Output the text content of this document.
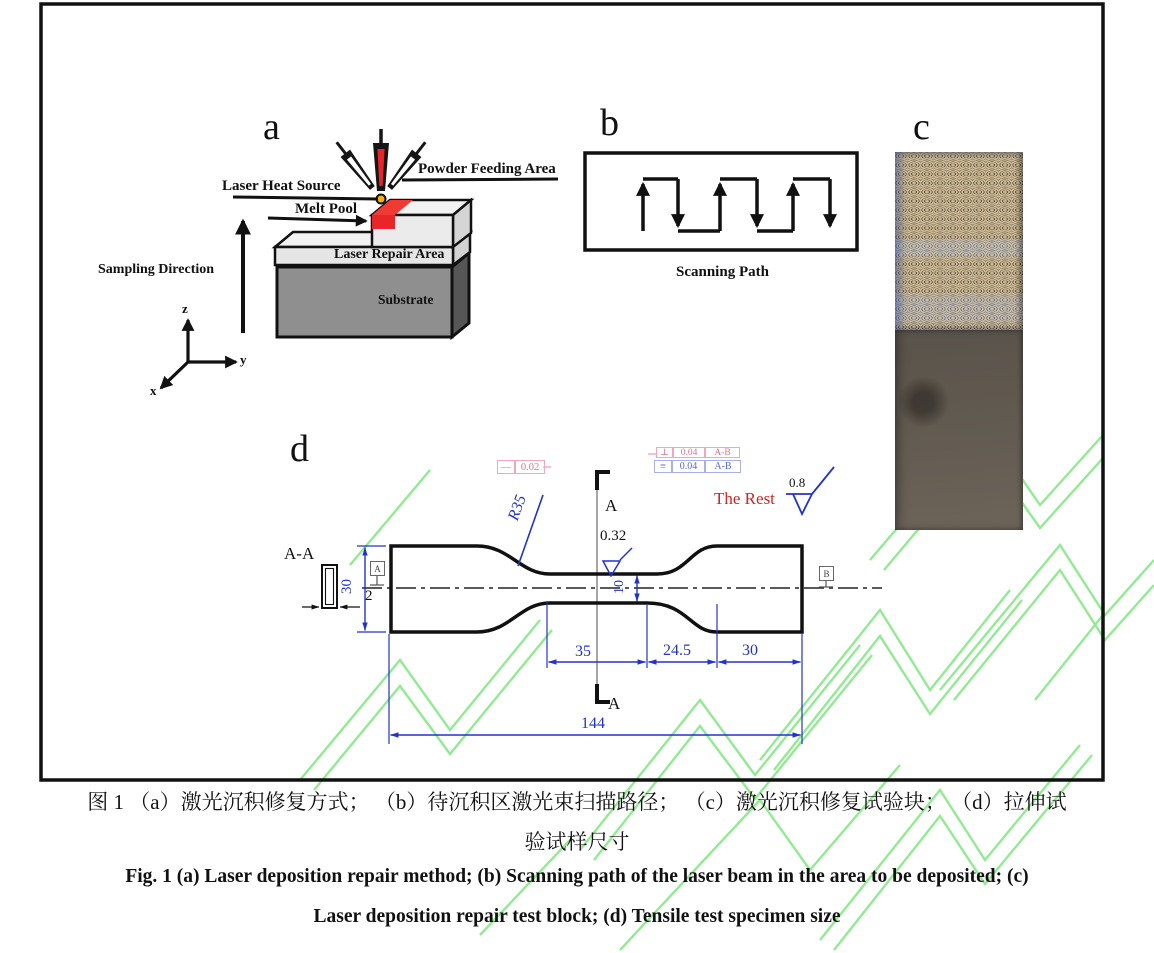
a	b	c
d
Laser Heat Source
Powder Feeding Area
Melt Pool
Laser Repair Area
Substrate
Sampling Direction
z
y
x
Scanning Path
A-A
2
30	10
R35
0.32
0.8
The Rest
A
A
35	24.5	30
144
A	B
— 0.02
⊥	0.04	A-B
≡	0.04	A-B
图 1 （a）激光沉积修复方式； （b）待沉积区激光束扫描路径； （c）激光沉积修复试验块； （d）拉伸试
验试样尺寸
Fig. 1 (a) Laser deposition repair method; (b) Scanning path of the laser beam in the area to be deposited; (c)
Laser deposition repair test block; (d) Tensile test specimen size
